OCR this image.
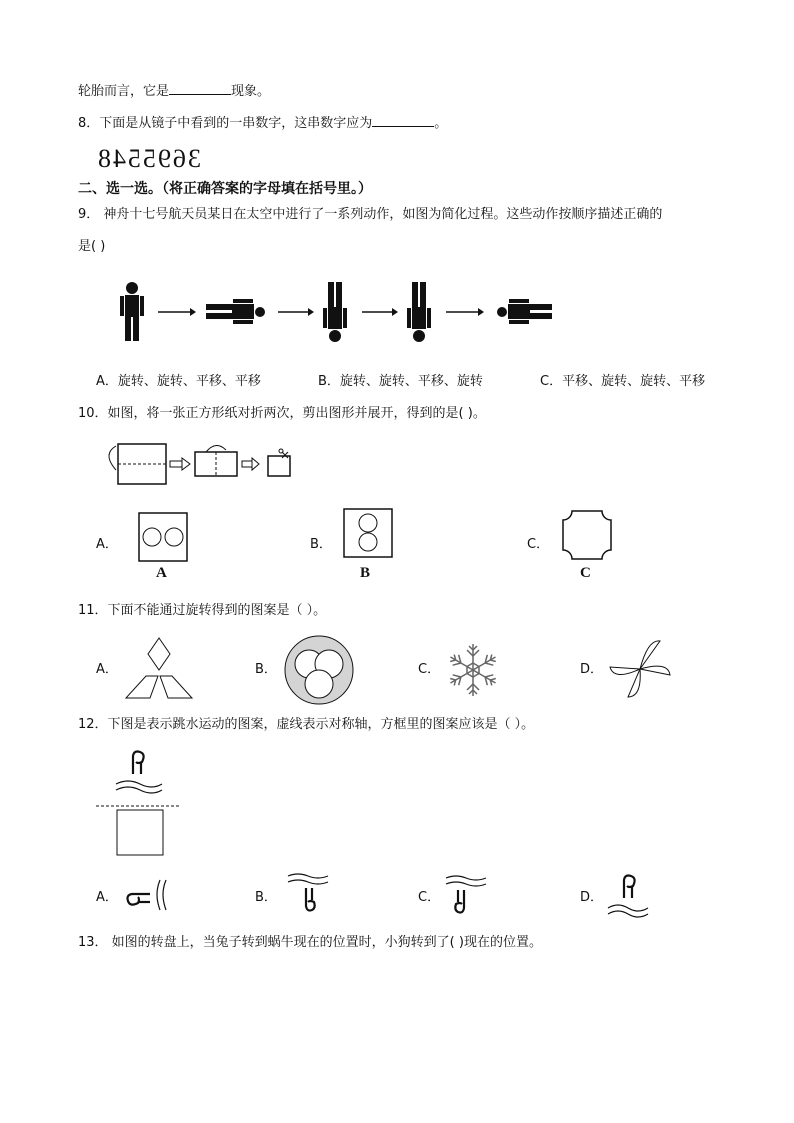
轮胎而言，它是	现象。
8．下面是从镜子中看到的一串数字，这串数字应为	。
3695548
二、选一选。（将正确答案的字母填在括号里。）
9． 神舟十七号航天员某日在太空中进行了一系列动作，如图为简化过程。这些动作按顺序描述正确的
是( )
A．旋转、旋转、平移、平移	B．旋转、旋转、平移、旋转	C．平移、旋转、旋转、平移
10．如图，将一张正方形纸对折两次，剪出图形并展开，得到的是( )。
A．
A
B．
B
C．
C
11．下面不能通过旋转得到的图案是（ ）。
A．	B．	C．	D．
12．下图是表示跳水运动的图案，虚线表示对称轴，方框里的图案应该是（ ）。
A．	B．	C．	D．
13． 如图的转盘上，当兔子转到蜗牛现在的位置时，小狗转到了( )现在的位置。
